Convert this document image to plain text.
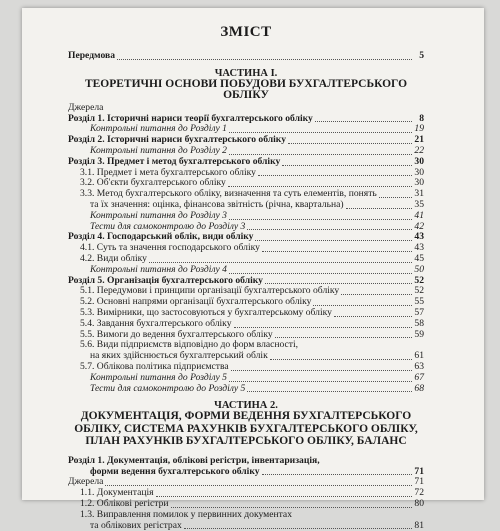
ЗМІСТ
Передмова	5
ЧАСТИНА І.
ТЕОРЕТИЧНІ ОСНОВИ ПОБУДОВИ БУХГАЛТЕРСЬКОГО ОБЛІКУ
Джерела
Розділ 1. Історичні нариси теорії бухгалтерського обліку	8
Контрольні питання до Розділу 1	19
Розділ 2. Історичні нариси бухгалтерського обліку	21
Контрольні питання до Розділу 2	22
Розділ 3. Предмет і метод бухгалтерського обліку	30
3.1. Предмет і мета бухгалтерського обліку	30
3.2. Об'єкти бухгалтерського обліку	30
3.3. Метод бухгалтерського обліку, визначення та суть елементів, понять	31
та їх значення: оцінка, фінансова звітність (річна, квартальна)	35
Контрольні питання до Розділу 3	41
Тести для самоконтролю до Розділу 3	42
Розділ 4. Господарський облік, види обліку	43
4.1. Суть та значення господарського обліку	43
4.2. Види обліку	45
Контрольні питання до Розділу 4	50
Розділ 5. Організація бухгалтерського обліку	52
5.1. Передумови і принципи організації бухгалтерського обліку	52
5.2. Основні напрями організації бухгалтерського обліку	55
5.3. Вимірники, що застосовуються у бухгалтерському обліку	57
5.4. Завдання бухгалтерського обліку	58
5.5. Вимоги до ведення бухгалтерського обліку	59
5.6. Види підприємств відповідно до форм власності,
на яких здійснюється бухгалтерський облік	61
5.7. Облікова політика підприємства	63
Контрольні питання до Розділу 5	67
Тести для самоконтролю до Розділу 5	68
ЧАСТИНА 2.
ДОКУМЕНТАЦІЯ, ФОРМИ ВЕДЕННЯ БУХГАЛТЕРСЬКОГО
ОБЛІКУ, СИСТЕМА РАХУНКІВ БУХГАЛТЕРСЬКОГО ОБЛІКУ,
ПЛАН РАХУНКІВ БУХГАЛТЕРСЬКОГО ОБЛІКУ, БАЛАНС
Розділ 1. Документація, облікові регістри, інвентаризація,
форми ведення бухгалтерського обліку	71
Джерела	71
1.1. Документація	72
1.2. Облікові регістри	80
1.3. Виправлення помилок у первинних документах
та облікових регістрах	81
